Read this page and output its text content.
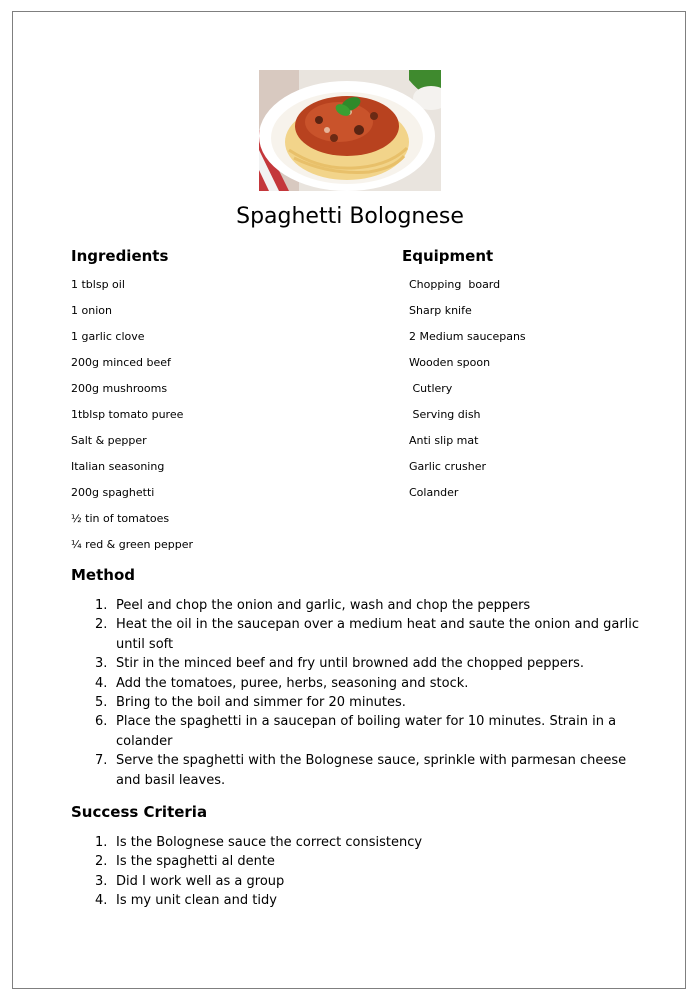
Spaghetti Bolognese
Ingredients	Equipment
1 tblsp oil
1 onion
1 garlic clove
200g minced beef
200g mushrooms
1tblsp tomato puree
Salt & pepper
Italian seasoning
200g spaghetti
½ tin of tomatoes
¼ red & green pepper
Chopping  board
Sharp knife
2 Medium saucepans
Wooden spoon
Cutlery
Serving dish
Anti slip mat
Garlic crusher
Colander
Method
1. Peel and chop the onion and garlic, wash and chop the peppers
2. Heat the oil in the saucepan over a medium heat and saute the onion and garlic until soft
3. Stir in the minced beef and fry until browned add the chopped peppers.
4. Add the tomatoes, puree, herbs, seasoning and stock.
5. Bring to the boil and simmer for 20 minutes.
6. Place the spaghetti in a saucepan of boiling water for 10 minutes. Strain in a colander
7. Serve the spaghetti with the Bolognese sauce, sprinkle with parmesan cheese and basil leaves.
Success Criteria
1. Is the Bolognese sauce the correct consistency
2. Is the spaghetti al dente
3. Did I work well as a group
4. Is my unit clean and tidy
